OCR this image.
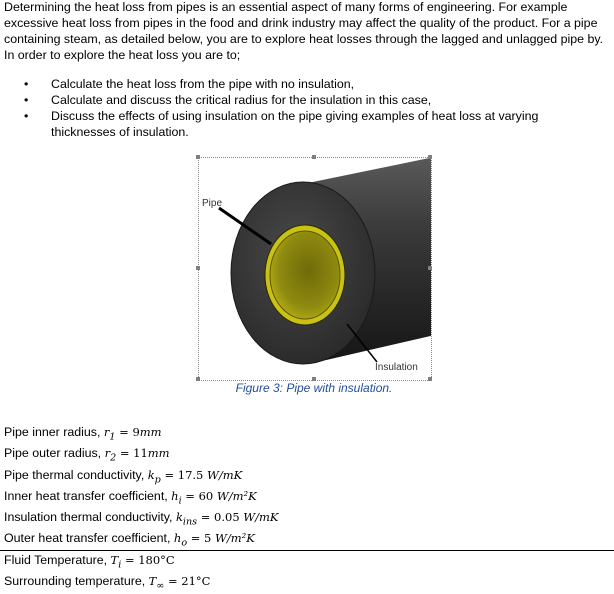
Determining the heat loss from pipes is an essential aspect of many forms of engineering. For example excessive heat loss from pipes in the food and drink industry may affect the quality of the product. For a pipe containing steam, as detailed below, you are to explore heat losses through the lagged and unlagged pipe by. In order to explore the heat loss you are to;
• Calculate the heat loss from the pipe with no insulation,
• Calculate and discuss the critical radius for the insulation in this case,
• Discuss the effects of using insulation on the pipe giving examples of heat loss at varying thicknesses of insulation.
Pipe
Insulation
Figure 3: Pipe with insulation.
Pipe inner radius, $r_1 = 9mm$
Pipe outer radius, $r_2 = 11mm$
Pipe thermal conductivity, $k_p = 17.5$ W/mK
Inner heat transfer coefficient, $h_i = 60$ W/m²K
Insulation thermal conductivity, $k_{ins} = 0.05$ W/mK
Outer heat transfer coefficient, $h_o = 5$ W/m²K
Fluid Temperature, $T_i = 180^\circ C$
Surrounding temperature, $T_\infty = 21^\circ C$
